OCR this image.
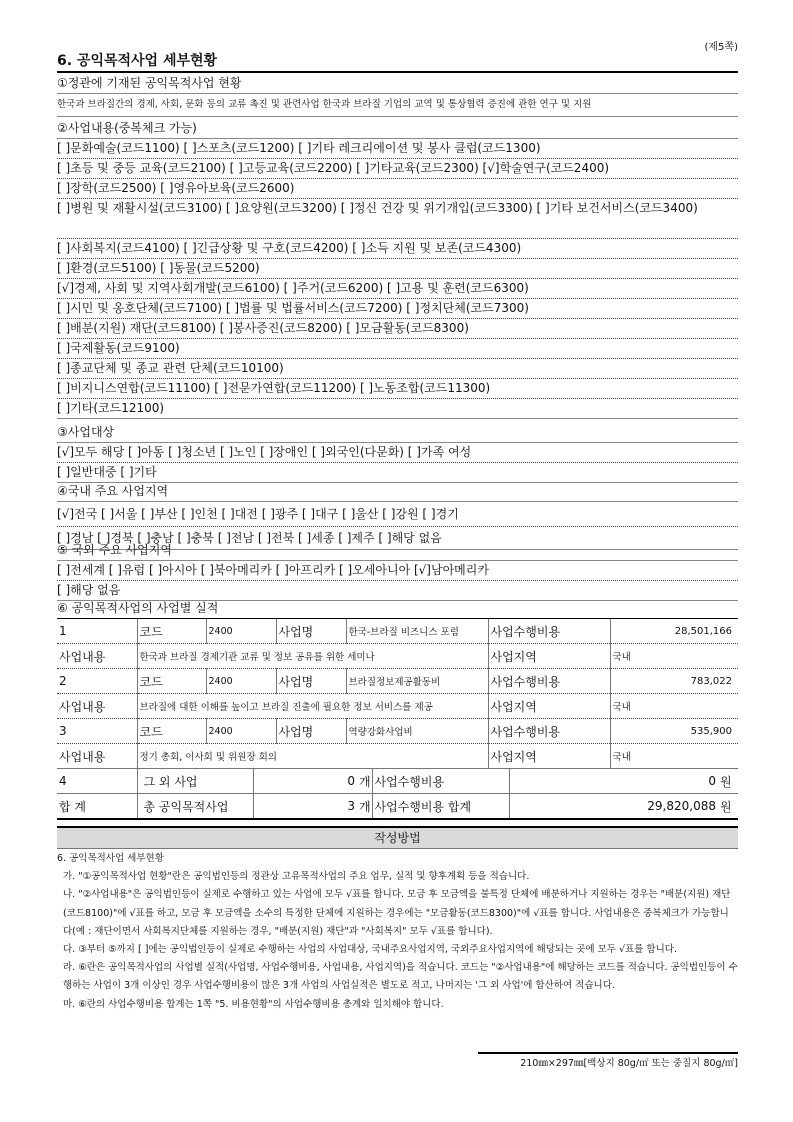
(제5쪽)
6. 공익목적사업 세부현황
①정관에 기재된 공익목적사업 현황
한국과 브라질간의 경제, 사회, 문화 등의 교류 촉진 및 관련사업 한국과 브라질 기업의 교역 및 통상협력 증진에 관한 연구 및 지원
②사업내용(중복체크 가능)
[ ]문화예술(코드1100) [ ]스포츠(코드1200) [ ]기타 레크리에이션 및 봉사 클럽(코드1300)
[ ]초등 및 중등 교육(코드2100) [ ]고등교육(코드2200) [ ]기타교육(코드2300) [√]학술연구(코드2400)
[ ]장학(코드2500) [ ]영유아보육(코드2600)
[ ]병원 및 재활시설(코드3100) [ ]요양원(코드3200) [ ]정신 건강 및 위기개입(코드3300) [ ]기타 보건서비스(코드3400)
[ ]사회복지(코드4100) [ ]긴급상황 및 구호(코드4200) [ ]소득 지원 및 보존(코드4300)
[ ]환경(코드5100) [ ]동물(코드5200)
[√]경제, 사회 및 지역사회개발(코드6100) [ ]주거(코드6200) [ ]고용 및 훈련(코드6300)
[ ]시민 및 옹호단체(코드7100) [ ]법률 및 법률서비스(코드7200) [ ]정치단체(코드7300)
[ ]배분(지원) 재단(코드8100) [ ]봉사증진(코드8200) [ ]모금활동(코드8300)
[ ]국제활동(코드9100)
[ ]종교단체 및 종교 관련 단체(코드10100)
[ ]비지니스연합(코드11100) [ ]전문가연합(코드11200) [ ]노동조합(코드11300)
[ ]기타(코드12100)
③사업대상
[√]모두 해당 [ ]아동 [ ]청소년 [ ]노인 [ ]장애인 [ ]외국인(다문화) [ ]가족 여성
[ ]일반대중 [ ]기타
④국내 주요 사업지역
[√]전국 [ ]서울 [ ]부산 [ ]인천 [ ]대전 [ ]광주 [ ]대구 [ ]울산 [ ]강원 [ ]경기
[ ]경남 [ ]경북 [ ]충남 [ ]충북 [ ]전남 [ ]전북 [ ]세종 [ ]제주 [ ]해당 없음
⑤ 국외 주요 사업지역
[ ]전세계 [ ]유럽 [ ]아시아 [ ]북아메리카 [ ]아프리카 [ ]오세아니아 [√]남아메리카
[ ]해당 없음
⑥ 공익목적사업의 사업별 실적
1	코드	2400	사업명	한국-브라질 비즈니스 포럼	사업수행비용	28,501,166
사업내용	한국과 브라질 경제기관 교류 및 정보 공유를 위한 세미나				사업지역	국내
2	코드	2400	사업명	브라질정보제공활동비	사업수행비용	783,022
사업내용	브라질에 대한 이해를 높이고 브라질 진출에 필요한 정보 서비스를 제공				사업지역	국내
3	코드	2400	사업명	역량강화사업비	사업수행비용	535,900
사업내용	정기 총회, 이사회 및 위원장 회의				사업지역	국내
4	그 외 사업	0	개	사업수행비용	0	원
합 계	총 공익목적사업	3	개	사업수행비용 합계	29,820,088	원
작성방법

6. 공익목적사업 세부현황

가. "①공익목적사업 현황"란은 공익법인등의 정관상 고유목적사업의 주요 업무, 실적 및 향후계획 등을 적습니다.

나. "②사업내용"은 공익법인등이 실제로 수행하고 있는 사업에 모두 √표를 합니다. 모금 후 모금액을 불특정 단체에 배분하거나 지원하는 경우는 "배분(지원) 재단(코드8100)"에 √표를 하고, 모금 후 모금액을 소수의 특정한 단체에 지원하는 경우에는 "모금활동(코드8300)"에 √표를 합니다. 사업내용은 중복체크가 가능합니다(예 : 재단이면서 사회복지단체를 지원하는 경우, "배분(지원) 재단"과 "사회복지" 모두 √표를 합니다).

다. ③부터 ⑤까지 [ ]에는 공익법인등이 실제로 수행하는 사업의 사업대상, 국내주요사업지역, 국외주요사업지역에 해당되는 곳에 모두 √표를 합니다.

라. ⑥란은 공익목적사업의 사업별 실적(사업명, 사업수행비용, 사업내용, 사업지역)을 적습니다. 코드는 "②사업내용"에 해당하는 코드를 적습니다. 공익법인등이 수행하는 사업이 3개 이상인 경우 사업수행비용이 많은 3개 사업의 사업실적은 별도로 적고, 나머지는 '그 외 사업'에 합산하여 적습니다.

마. ⑥란의 사업수행비용 합계는 1쪽 "5. 비용현황"의 사업수행비용 총계와 일치해야 합니다.

210㎜×297㎜[백상지 80g/㎡ 또는 중질지 80g/㎡]
